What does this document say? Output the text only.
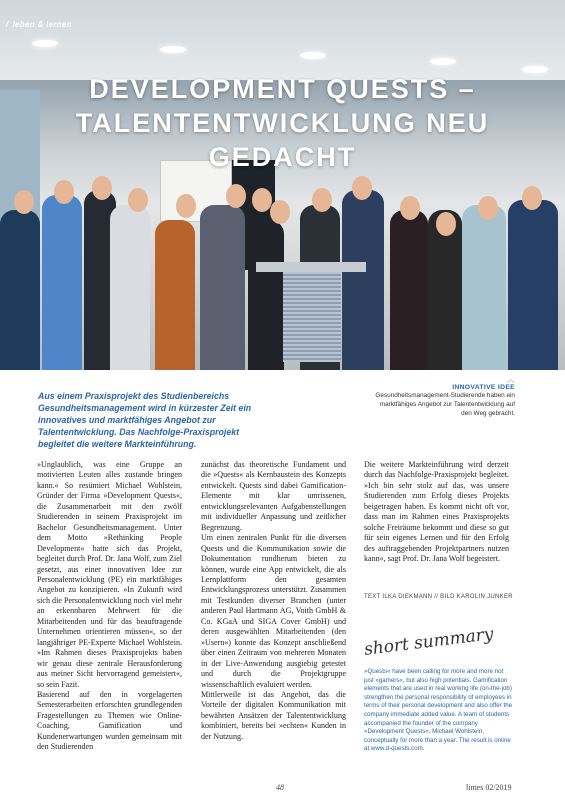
/ leben & lernen
DEVELOPMENT QUESTS –
TALENTENTWICKLUNG NEU GEDACHT
Aus einem Praxisprojekt des Studienbereichs Gesundheitsmanagement wird in kürzester Zeit ein innovatives und marktfähiges Angebot zur Talententwicklung. Das Nachfolge-Praxisprojekt begleitet die weitere Markteinführung.
︿
INNOVATIVE IDEE
Gesundheitsmanagement-Studierende haben ein marktfähiges Angebot zur Talententwicklung auf den Weg gebracht.

»Unglaublich, was eine Gruppe an motivierten Leuten alles zustande bringen kann.« So resümiert Michael Wohlstein, Gründer der Firma »Development Quests«, die Zusammenarbeit mit den zwölf Studierenden in seinem Praxisprojekt im Bachelor Gesundheitsmanagement. Unter dem Motto »Rethinking People Development« hatte sich das Projekt, begleitet durch Prof. Dr. Jana Wolf, zum Ziel gesetzt, aus einer innovativen Idee zur Personalentwicklung (PE) ein marktfähiges Angebot zu konzipieren. »In Zukunft wird sich die Personalentwicklung noch viel mehr an erkennbaren Mehrwert für die Mitarbeitenden und für das beauftragende Unternehmen orientieren müssen«, so der langjähriger PE-Experte Michael Wohlstein. »Im Rahmen dieses Praxisprojekts haben wir genau diese zentrale Herausforderung aus meiner Sicht hervorragend gemeistert«, so sein Fazit.

Basierend auf den in vorgelagerten Semesterarbeiten erforschten grundlegenden Fragestellungen zu Themen wie Online-Coaching, Gamification und Kundenerwartungen wurden gemeinsam mit den Studierenden

zunächst das theoretische Fundament und die »Quests« als Kernbaustein des Konzepts entwickelt. Quests sind dabei Gamification-Elemente mit klar umrissenen, entwicklungsrelevanten Aufgabenstellungen mit individueller Anpassung und zeitlicher Begrenzung.

Um einen zentralen Punkt für die diversen Quests und die Kommunikation sowie die Dokumentation rundherum bieten zu können, wurde eine App entwickelt, die als Lernplattform den gesamten Entwicklungsprozess unterstützt. Zusammen mit Testkunden diverser Branchen (unter anderen Paul Hartmann AG, Voith GmbH & Co. KGaA und SIGA Cover GmbH) und deren ausgewählten Mitarbeitenden (den »Usern«) konnte das Konzept anschließend über einen Zeitraum von mehreren Monaten in der Live-Anwendung ausgiebig getestet und durch die Projektgruppe wissenschaftlich evaluiert werden.

Mittlerweile ist das Angebot, das die Vorteile der digitalen Kommunikation mit bewährten Ansätzen der Talententwicklung kombiniert, bereits bei »echten« Kunden in der Nutzung.

Die weitere Markteinführung wird derzeit durch das Nachfolge-Praxisprojekt begleitet. »Ich bin sehr stolz auf das, was unsere Studierenden zum Erfolg dieses Projekts beigetragen haben. Es kommt nicht oft vor, dass man im Rahmen eines Praxisprojekts solche Freiräume bekommt und diese so gut für sein eigenes Lernen und für den Erfolg des auftraggebenden Projektpartners nutzen kann«, sagt Prof. Dr. Jana Wolf begeistert.

TEXT ILKA DIEKMANN // BILD KAROLIN JUNKER
short summary
»Quests« have been calling for more and more not just »gamers«, but also high potentials. Gamification elements that are used in real working life (on-the-job) strengthen the personal responsibility of employees in terms of their personal development and also offer the company immediate added value. A team of students accompanied the founder of the company »Development Quests«, Michael Wohlstein, conceptually for more than a year. The result is online at www.d-quests.com.
48	limes 02/2019
